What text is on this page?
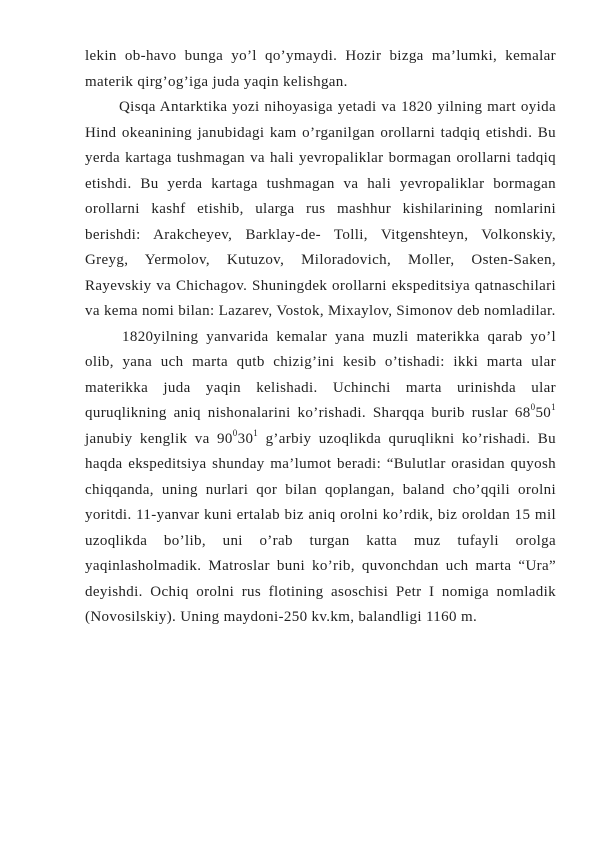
lekin ob-havo bunga yo’l qo’ymaydi. Hozir bizga ma’lumki, kemalar materik qirg’og’iga juda yaqin kelishgan.

Qisqa Antarktika yozi nihoyasiga yetadi va 1820 yilning mart oyida Hind okeanining janubidagi kam o’rganilgan orollarni tadqiq etishdi. Bu yerda kartaga tushmagan va hali yevropaliklar bormagan orollarni tadqiq etishdi. Bu yerda kartaga tushmagan va hali yevropaliklar bormagan orollarni kashf etishib, ularga rus mashhur kishilarining nomlarini berishdi: Arakcheyev, Barklay-de- Tolli, Vitgenshteyn, Volkonskiy, Greyg, Yermolov, Kutuzov, Miloradovich, Moller, Osten-Saken, Rayevskiy va Chichagov. Shuningdek orollarni ekspeditsiya qatnaschilari va kema nomi bilan: Lazarev, Vostok, Mixaylov, Simonov deb nomladilar.

1820yilning yanvarida kemalar yana muzli materikka qarab yo’l olib, yana uch marta qutb chizig’ini kesib o’tishadi: ikki marta ular materikka juda yaqin kelishadi. Uchinchi marta urinishda ular quruqlikning aniq nishonalarini ko’rishadi. Sharqqa burib ruslar $68^050^1$ janubiy kenglik va $90^030^1$ g’arbiy uzoqlikda quruqlikni ko’rishadi. Bu haqda ekspeditsiya shunday ma’lumot beradi: “Bulutlar orasidan quyosh chiqqanda, uning nurlari qor bilan qoplangan, baland cho’qqili orolni yoritdi. 11-yanvar kuni ertalab biz aniq orolni ko’rdik, biz oroldan 15 mil uzoqlikda bo’lib, uni o’rab turgan katta muz tufayli orolga yaqinlasholmadik. Matroslar buni ko’rib, quvonchdan uch marta “Ura” deyishdi. Ochiq orolni rus flotining asoschisi Petr I nomiga nomladik (Novosilskiy). Uning maydoni-250 kv.km, balandligi 1160 m.
